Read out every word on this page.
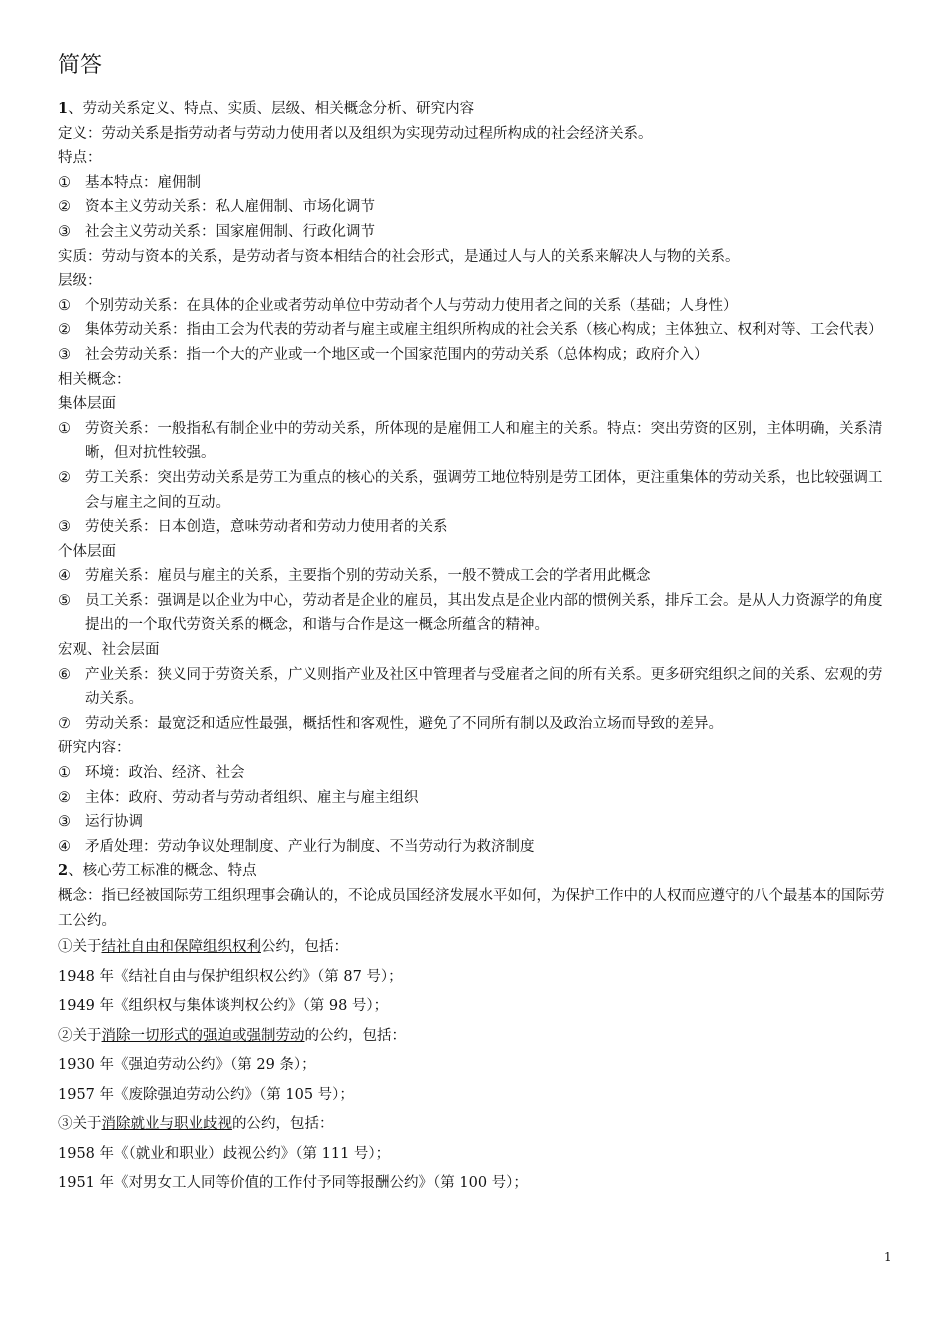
简答

1、劳动关系定义、特点、实质、层级、相关概念分析、研究内容

定义：劳动关系是指劳动者与劳动力使用者以及组织为实现劳动过程所构成的社会经济关系。

特点：

① 基本特点：雇佣制
② 资本主义劳动关系：私人雇佣制、市场化调节
③ 社会主义劳动关系：国家雇佣制、行政化调节

实质：劳动与资本的关系，是劳动者与资本相结合的社会形式，是通过人与人的关系来解决人与物的关系。

层级：

① 个别劳动关系：在具体的企业或者劳动单位中劳动者个人与劳动力使用者之间的关系（基础；人身性）
② 集体劳动关系：指由工会为代表的劳动者与雇主或雇主组织所构成的社会关系（核心构成；主体独立、权利对等、工会代表）
③ 社会劳动关系：指一个大的产业或一个地区或一个国家范围内的劳动关系（总体构成；政府介入）

相关概念：

集体层面

① 劳资关系：一般指私有制企业中的劳动关系，所体现的是雇佣工人和雇主的关系。特点：突出劳资的区别，主体明确，关系清晰，但对抗性较强。
② 劳工关系：突出劳动关系是劳工为重点的核心的关系，强调劳工地位特别是劳工团体，更注重集体的劳动关系，也比较强调工会与雇主之间的互动。
③ 劳使关系：日本创造，意味劳动者和劳动力使用者的关系

个体层面

④ 劳雇关系：雇员与雇主的关系，主要指个别的劳动关系，一般不赞成工会的学者用此概念
⑤ 员工关系：强调是以企业为中心，劳动者是企业的雇员，其出发点是企业内部的惯例关系，排斥工会。是从人力资源学的角度提出的一个取代劳资关系的概念，和谐与合作是这一概念所蕴含的精神。

宏观、社会层面

⑥ 产业关系：狭义同于劳资关系，广义则指产业及社区中管理者与受雇者之间的所有关系。更多研究组织之间的关系、宏观的劳动关系。
⑦ 劳动关系：最宽泛和适应性最强，概括性和客观性，避免了不同所有制以及政治立场而导致的差异。

研究内容：

① 环境：政治、经济、社会
② 主体：政府、劳动者与劳动者组织、雇主与雇主组织
③ 运行协调
④ 矛盾处理：劳动争议处理制度、产业行为制度、不当劳动行为救济制度

2、核心劳工标准的概念、特点

概念：指已经被国际劳工组织理事会确认的，不论成员国经济发展水平如何，为保护工作中的人权而应遵守的八个最基本的国际劳工公约。

①关于结社自由和保障组织权利公约，包括：

1948 年《结社自由与保护组织权公约》（第 87 号）；

1949 年《组织权与集体谈判权公约》（第 98 号）；

②关于消除一切形式的强迫或强制劳动的公约，包括：

1930 年《强迫劳动公约》（第 29 条）；

1957 年《废除强迫劳动公约》（第 105 号）；

③关于消除就业与职业歧视的公约，包括：

1958 年《（就业和职业）歧视公约》（第 111 号）；

1951 年《对男女工人同等价值的工作付予同等报酬公约》（第 100 号）；

1
